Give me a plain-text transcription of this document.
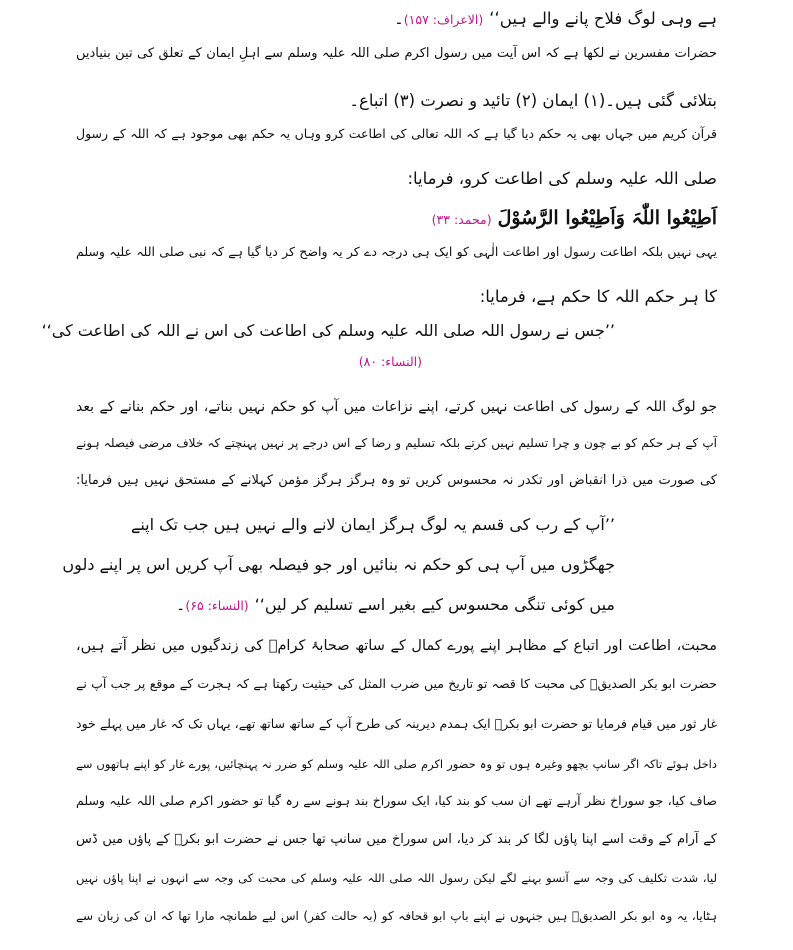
ہے وہی لوگ فلاح پانے والے ہیں‘‘(الاعراف: ۱۵۷)۔
حضرات مفسرین نے لکھا ہے کہ اس آیت میں رسول اکرم صلی اللہ علیہ وسلم سے اہلِ ایمان کے تعلق کی تین بنیادیں
بتلائی گئی ہیں۔(۱) ایمان (۲) تائید و نصرت (۳) اتباع۔
قرآن کریم میں جہاں بھی یہ حکم دیا گیا ہے کہ اللہ تعالی کی اطاعت کرو وہاں یہ حکم بھی موجود ہے کہ اللہ کے رسول
صلی اللہ علیہ وسلم کی اطاعت کرو، فرمایا:
اَطِیْعُوا اللّٰہَ وَاَطِیْعُوا الرَّسُوْلَ(محمد: ۳۳)
یہی نہیں بلکہ اطاعت رسول اور اطاعت الٰہی کو ایک ہی درجہ دے کر یہ واضح کر دیا گیا ہے کہ نبی صلی اللہ علیہ وسلم
کا ہر حکم اللہ کا حکم ہے، فرمایا:
’’جس نے رسول اللہ صلی اللہ علیہ وسلم کی اطاعت کی اس نے اللہ کی اطاعت کی‘‘
(النساء: ۸۰)
جو لوگ اللہ کے رسول کی اطاعت نہیں کرتے، اپنے نزاعات میں آپ کو حکم نہیں بناتے، اور حکم بنانے کے بعد
آپ کے ہر حکم کو بے چون و چرا تسلیم نہیں کرتے بلکہ تسلیم و رضا کے اس درجے پر نہیں پہنچتے کہ خلاف مرضی فیصلہ ہونے
کی صورت میں ذرا انقباض اور تکدر نہ محسوس کریں تو وہ ہرگز ہرگز مؤمن کہلانے کے مستحق نہیں ہیں فرمایا:
’’آپ کے رب کی قسم یہ لوگ ہرگز ایمان لانے والے نہیں ہیں جب تک اپنے
جھگڑوں میں آپ ہی کو حکم نہ بنائیں اور جو فیصلہ بھی آپ کریں اس پر اپنے دلوں
میں کوئی تنگی محسوس کیے بغیر اسے تسلیم کر لیں‘‘(النساء: ۶۵)۔
محبت، اطاعت اور اتباع کے مظاہر اپنے پورے کمال کے ساتھ صحابۂ کرامؓ کی زندگیوں میں نظر آتے ہیں،
حضرت ابو بکر الصدیقؓ کی محبت کا قصہ تو تاریخ میں ضرب المثل کی حیثیت رکھتا ہے کہ ہجرت کے موقع پر جب آپ نے
غار ثور میں قیام فرمایا تو حضرت ابو بکرؓ ایک ہمدم دیرینہ کی طرح آپ کے ساتھ ساتھ تھے، یہاں تک کہ غار میں پہلے خود
داخل ہوئے تاکہ اگر سانپ بچھو وغیرہ ہوں تو وہ حضور اکرم صلی اللہ علیہ وسلم کو ضرر نہ پہنچائیں، پورے غار کو اپنے ہاتھوں سے
صاف کیا، جو سوراخ نظر آرہے تھے ان سب کو بند کیا، ایک سوراخ بند ہونے سے رہ گیا تو حضور اکرم صلی اللہ علیہ وسلم
کے آرام کے وقت اسے اپنا پاؤں لگا کر بند کر دیا، اس سوراخ میں سانپ تھا جس نے حضرت ابو بکرؓ کے پاؤں میں ڈس
لیا، شدت تکلیف کی وجہ سے آنسو بہنے لگے لیکن رسول اللہ صلی اللہ علیہ وسلم کی محبت کی وجہ سے انہوں نے اپنا پاؤں نہیں
ہٹایا، یہ وہ ابو بکر الصدیقؓ ہیں جنہوں نے اپنے باپ ابو قحافہ کو (بہ حالت کفر) اس لیے طمانچہ مارا تھا کہ ان کی زبان سے
